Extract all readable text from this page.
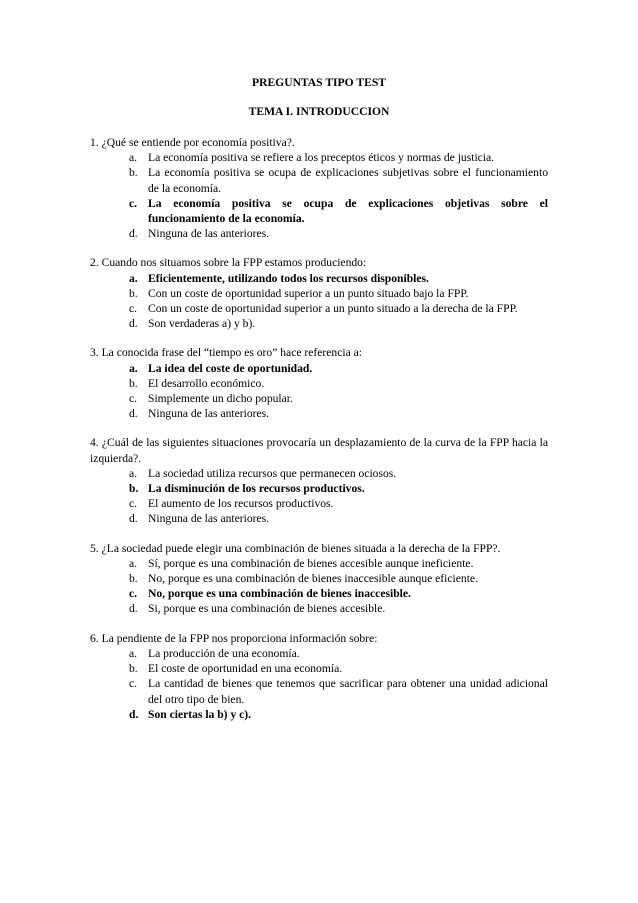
PREGUNTAS TIPO TEST
TEMA I. INTRODUCCION
1. ¿Qué se entiende por economía positiva?.
a. La economía positiva se refiere a los preceptos éticos y normas de justicia.
b. La economía positiva se ocupa de explicaciones subjetivas sobre el funcionamiento de la economía.
c. La economía positiva se ocupa de explicaciones objetivas sobre el funcionamiento de la economía.
d. Ninguna de las anteriores.
2. Cuando nos situamos sobre la FPP estamos produciendo:
a. Eficientemente, utilizando todos los recursos disponibles.
b. Con un coste de oportunidad superior a un punto situado bajo la FPP.
c. Con un coste de oportunidad superior a un punto situado a la derecha de la FPP.
d. Son verdaderas a) y b).
3. La conocida frase del “tiempo es oro” hace referencia a:
a. La idea del coste de oportunidad.
b. El desarrollo económico.
c. Simplemente un dicho popular.
d. Ninguna de las anteriores.
4. ¿Cuál de las siguientes situaciones provocaría un desplazamiento de la curva de la FPP hacia la izquierda?.
a. La sociedad utiliza recursos que permanecen ociosos.
b. La disminución de los recursos productivos.
c. El aumento de los recursos productivos.
d. Ninguna de las anteriores.
5. ¿La sociedad puede elegir una combinación de bienes situada a la derecha de la FPP?.
a. Sí, porque es una combinación de bienes accesible aunque ineficiente.
b. No, porque es una combinación de bienes inaccesible aunque eficiente.
c. No, porque es una combinación de bienes inaccesible.
d. Si, porque es una combinación de bienes accesible.
6. La pendiente de la FPP nos proporciona información sobre:
a. La producción de una economía.
b. El coste de oportunidad en una economía.
c. La cantidad de bienes que tenemos que sacrificar para obtener una unidad adicional del otro tipo de bien.
d. Son ciertas la b) y c).
